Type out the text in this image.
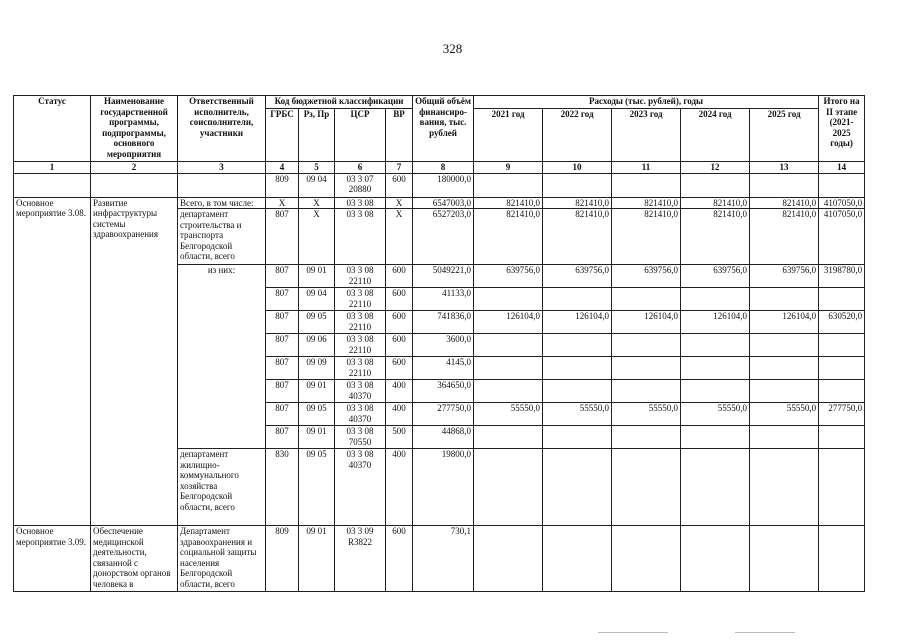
328
Статус	Наименование государственной программы, подпрограммы, основного мероприятия	Ответственный исполнитель, соисполнители, участники	Код бюджетной классификации				Общий объём финансиро-вания, тыс. рублей	Расходы (тыс. рублей), годы					Итого на II этапе (2021-2025 годы)
			ГРБС	Рз, Пр	ЦСР	ВР		2021 год	2022 год	2023 год	2024 год	2025 год	
1	2	3	4	5	6	7	8	9	10	11	12	13	14
			809	09 04	03 3 07 20880	600	180000,0						
Основное мероприятие 3.08.	Развитие инфраструктуры системы здравоохранения	Всего, в том числе:	X	X	03 3 08	X	6547003,0	821410,0	821410,0	821410,0	821410,0	821410,0	4107050,0
		департамент строительства и транспорта Белгородской области, всего	807	X	03 3 08	X	6527203,0	821410,0	821410,0	821410,0	821410,0	821410,0	4107050,0
		из них:	807	09 01	03 3 08 22110	600	5049221,0	639756,0	639756,0	639756,0	639756,0	639756,0	3198780,0
			807	09 04	03 3 08 22110	600	41133,0						
			807	09 05	03 3 08 22110	600	741836,0	126104,0	126104,0	126104,0	126104,0	126104,0	630520,0
			807	09 06	03 3 08 22110	600	3600,0						
			807	09 09	03 3 08 22110	600	4145,0						
			807	09 01	03 3 08 40370	400	364650,0						
			807	09 05	03 3 08 40370	400	277750,0	55550,0	55550,0	55550,0	55550,0	55550,0	277750,0
			807	09 01	03 3 08 70550	500	44868,0						
		департамент жилищно-коммунального хозяйства Белгородской области, всего	830	09 05	03 3 08 40370	400	19800,0						
Основное мероприятие 3.09.	Обеспечение медицинской деятельности, связанной с донорством органов человека в	Департамент здравоохранения и социальной защиты населения Белгородской области, всего	809	09 01	03 3 09 R3822	600	730,1						
